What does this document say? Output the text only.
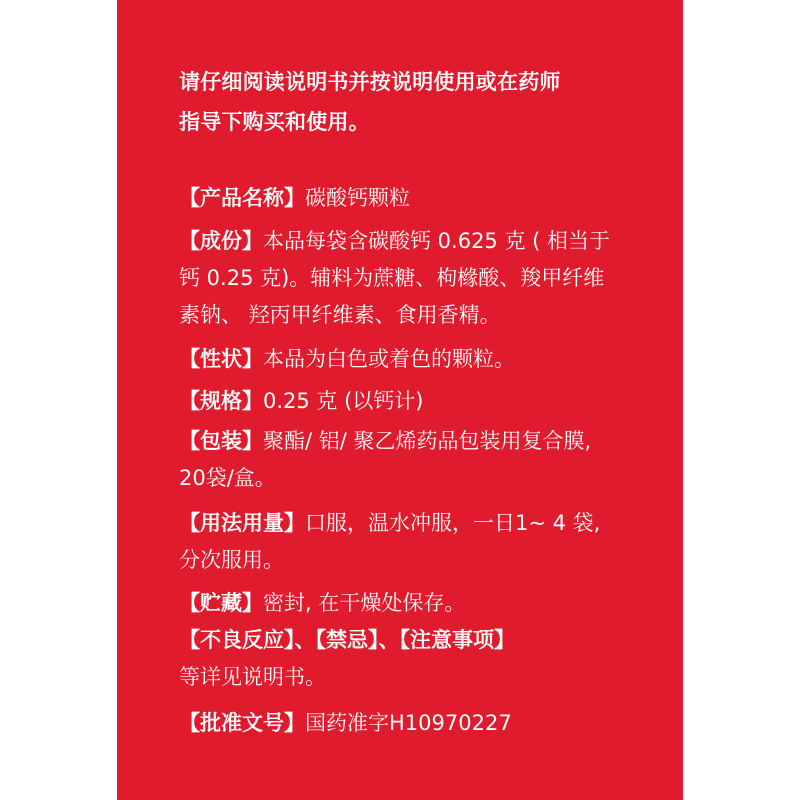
请仔细阅读说明书并按说明使用或在药师
指导下购买和使用。
【产品名称】碳酸钙颗粒
【成份】本品每袋含碳酸钙 0.625 克 ( 相当于
钙 0.25 克)。辅料为蔗糖、枸橼酸、羧甲纤维
素钠、 羟丙甲纤维素、食用香精。
【性状】本品为白色或着色的颗粒。
【规格】0.25 克 (以钙计)
【包装】聚酯/ 铝/ 聚乙烯药品包装用复合膜,
20袋/盒。
【用法用量】口服，温水冲服，一日1~ 4 袋,
分次服用。
【贮藏】密封, 在干燥处保存。
【不良反应】、【禁忌】、【注意事项】
等详见说明书。
【批准文号】国药准字H10970227
